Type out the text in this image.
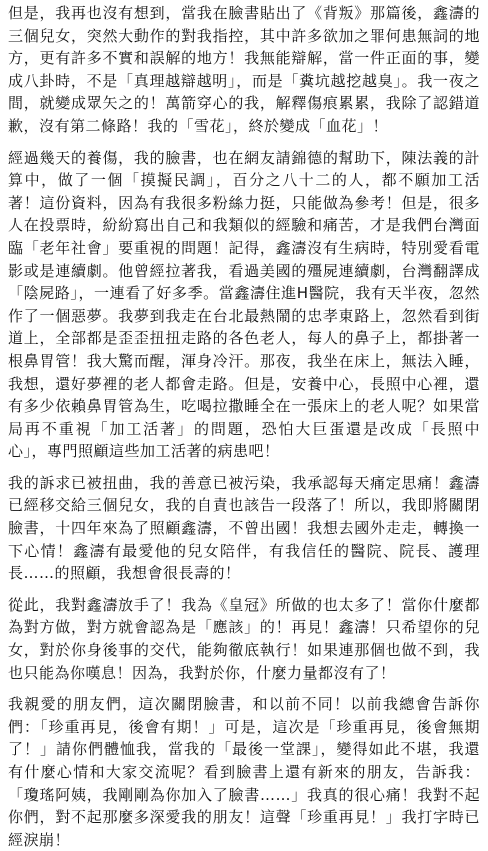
但是，我再也沒有想到，當我在臉書貼出了《背叛》那篇後，鑫濤的三個兒女，突然大動作的對我指控，其中許多欲加之罪何患無詞的地方，更有許多不實和誤解的地方！我無能辯解，當一件正面的事，變成八卦時，不是「真理越辯越明」，而是「糞坑越挖越臭」。我一夜之間，就變成眾矢之的！萬箭穿心的我，解釋傷痕累累，我除了認錯道歉，沒有第二條路！我的「雪花」，終於變成「血花」！

經過幾天的養傷，我的臉書，也在網友請錦德的幫助下，陳法義的計算中，做了一個「摸擬民調」，百分之八十二的人，都不願加工活著！這份資料，因為有我很多粉絲力挺，只能做為參考！但是，很多人在投票時，紛紛寫出自己和我類似的經驗和痛苦，才是我們台灣面臨「老年社會」要重視的問題！記得，鑫濤沒有生病時，特別愛看電影或是連續劇。他曾經拉著我，看過美國的殭屍連續劇，台灣翻譯成「陰屍路」，一連看了好多季。當鑫濤住進H醫院，我有天半夜，忽然作了一個惡夢。我夢到我走在台北最熱鬧的忠孝東路上，忽然看到街道上，全部都是歪歪扭扭走路的各色老人，每人的鼻子上，都掛著一根鼻胃管！我大驚而醒，渾身冷汗。那夜，我坐在床上，無法入睡，我想，還好夢裡的老人都會走路。但是，安養中心，長照中心裡，還有多少依賴鼻胃管為生，吃喝拉撒睡全在一張床上的老人呢？如果當局再不重視「加工活著」的問題，恐怕大巨蛋還是改成「長照中心」，專門照顧這些加工活著的病患吧！

我的訴求已被扭曲，我的善意已被污染，我承認每天痛定思痛！鑫濤已經移交給三個兒女，我的自責也該告一段落了！所以，我即將關閉臉書，十四年來為了照顧鑫濤，不曾出國！我想去國外走走，轉換一下心情！鑫濤有最愛他的兒女陪伴，有我信任的醫院、院長、護理長……的照顧，我想會很長壽的！

從此，我對鑫濤放手了！我為《皇冠》所做的也太多了！當你什麼都為對方做，對方就會認為是「應該」的！再見！鑫濤！只希望你的兒女，對於你身後事的交代，能夠徹底執行！如果連那個也做不到，我也只能為你嘆息！因為，我對於你，什麼力量都沒有了！

我親愛的朋友們，這次關閉臉書，和以前不同！以前我總會告訴你們：「珍重再見，後會有期！」可是，這次是「珍重再見，後會無期了！」請你們體恤我，當我的「最後一堂課」，變得如此不堪，我還有什麼心情和大家交流呢？看到臉書上還有新來的朋友，告訴我：「瓊瑤阿姨，我剛剛為你加入了臉書……」我真的很心痛！我對不起你們，對不起那麼多深愛我的朋友！這聲「珍重再見！」我打字時已經淚崩！
